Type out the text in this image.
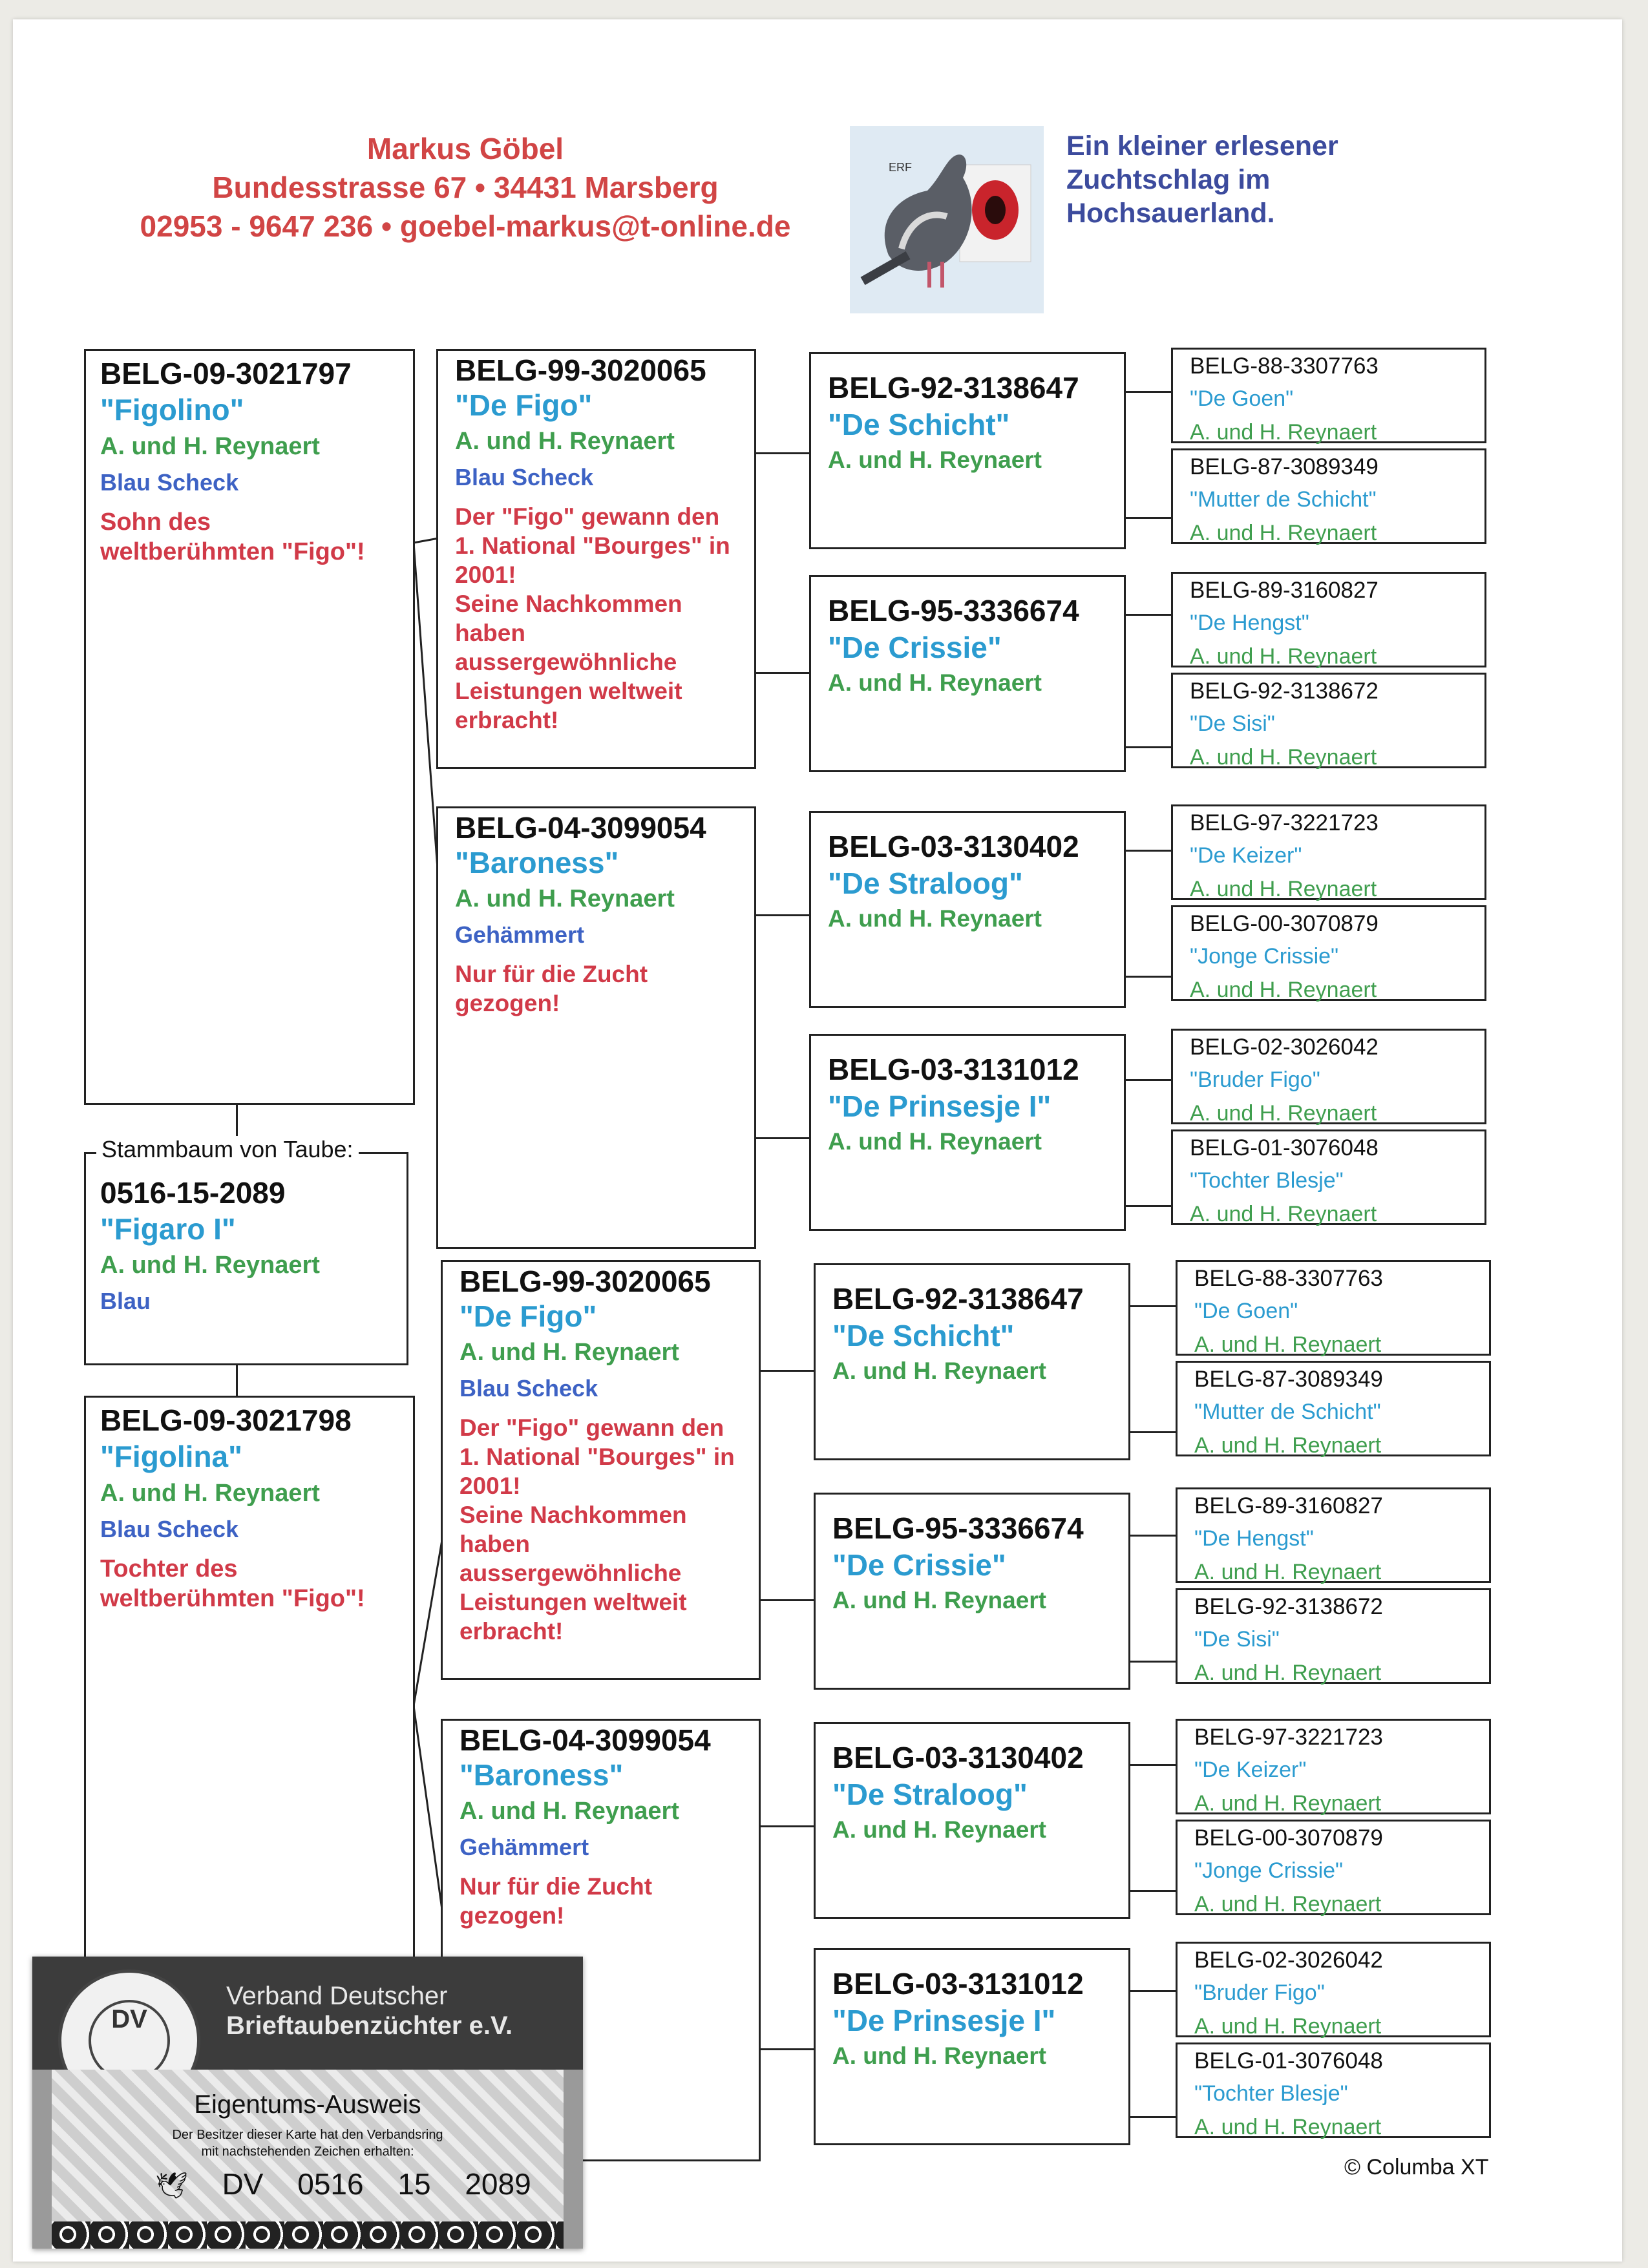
Markus Göbel
Bundesstrasse 67 • 34431 Marsberg
02953 - 9647 236 • goebel-markus@t-online.de
ERF
Ein kleiner erlesener
Zuchtschlag im
Hochsauerland.
BELG-09-3021797
"Figolino"
A. und H. Reynaert
Blau Scheck
Sohn des
weltberühmten "Figo"!
Stammbaum von Taube:
0516-15-2089
"Figaro I"
A. und H. Reynaert
Blau
BELG-09-3021798
"Figolina"
A. und H. Reynaert
Blau Scheck
Tochter des
weltberühmten "Figo"!
BELG-99-3020065
"De Figo"
A. und H. Reynaert
Blau Scheck
Der "Figo" gewann den
1. National "Bourges" in
2001!
Seine Nachkommen
haben
aussergewöhnliche
Leistungen weltweit
erbracht!
BELG-04-3099054
"Baroness"
A. und H. Reynaert
Gehämmert
Nur für die Zucht
gezogen!
BELG-99-3020065
"De Figo"
A. und H. Reynaert
Blau Scheck
Der "Figo" gewann den
1. National "Bourges" in
2001!
Seine Nachkommen
haben
aussergewöhnliche
Leistungen weltweit
erbracht!
BELG-04-3099054
"Baroness"
A. und H. Reynaert
Gehämmert
Nur für die Zucht
gezogen!
BELG-92-3138647
"De Schicht"
A. und H. Reynaert
BELG-95-3336674
"De Crissie"
A. und H. Reynaert
BELG-03-3130402
"De Straloog"
A. und H. Reynaert
BELG-03-3131012
"De Prinsesje I"
A. und H. Reynaert
BELG-92-3138647
"De Schicht"
A. und H. Reynaert
BELG-95-3336674
"De Crissie"
A. und H. Reynaert
BELG-03-3130402
"De Straloog"
A. und H. Reynaert
BELG-03-3131012
"De Prinsesje I"
A. und H. Reynaert
BELG-88-3307763
"De Goen"
A. und H. Reynaert
BELG-87-3089349
"Mutter de Schicht"
A. und H. Reynaert
BELG-89-3160827
"De Hengst"
A. und H. Reynaert
BELG-92-3138672
"De Sisi"
A. und H. Reynaert
BELG-97-3221723
"De Keizer"
A. und H. Reynaert
BELG-00-3070879
"Jonge Crissie"
A. und H. Reynaert
BELG-02-3026042
"Bruder Figo"
A. und H. Reynaert
BELG-01-3076048
"Tochter Blesje"
A. und H. Reynaert
BELG-88-3307763
"De Goen"
A. und H. Reynaert
BELG-87-3089349
"Mutter de Schicht"
A. und H. Reynaert
BELG-89-3160827
"De Hengst"
A. und H. Reynaert
BELG-92-3138672
"De Sisi"
A. und H. Reynaert
BELG-97-3221723
"De Keizer"
A. und H. Reynaert
BELG-00-3070879
"Jonge Crissie"
A. und H. Reynaert
BELG-02-3026042
"Bruder Figo"
A. und H. Reynaert
BELG-01-3076048
"Tochter Blesje"
A. und H. Reynaert
© Columba XT
DV
Verband Deutscher
Brieftaubenzüchter e.V.
Eigentums-Ausweis
Der Besitzer dieser Karte hat den Verbandsring
mit nachstehenden Zeichen erhalten:
🕊 DV 0516 15 2089
